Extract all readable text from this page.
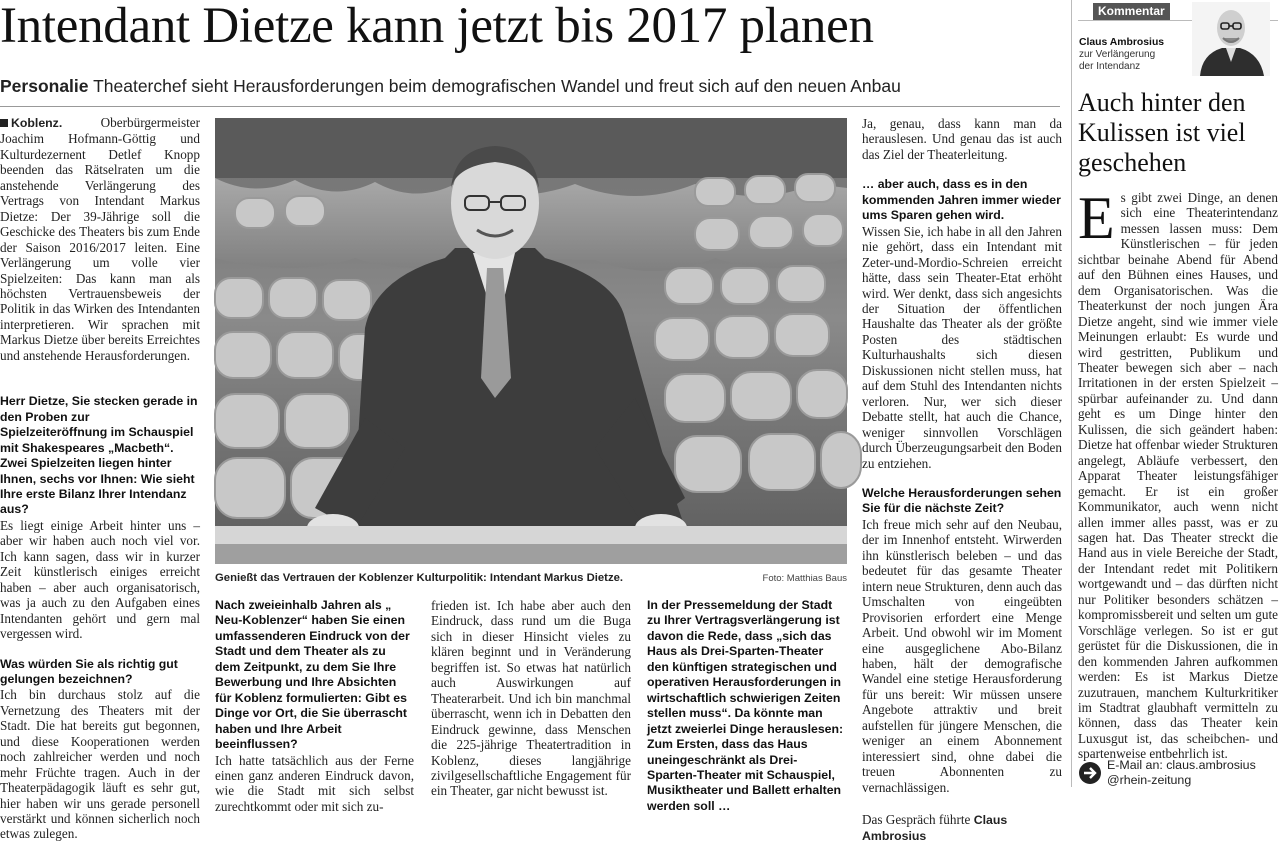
Intendant Dietze kann jetzt bis 2017 planen
Personalie Theaterchef sieht Herausforderungen beim demografischen Wandel und freut sich auf den neuen Anbau

Koblenz.	Oberbürgermeister Joachim Hofmann-Göttig und Kulturdezernent Detlef Knopp beenden das Rätselraten um die anstehende Verlängerung des Vertrags von Intendant Markus Dietze: Der 39-Jährige soll die Geschicke des Theaters bis zum Ende der Saison 2016/2017 leiten. Eine Verlängerung um volle vier Spielzeiten: Das kann man als höchsten Vertrauensbeweis der Politik in das Wirken des Intendanten interpretieren. Wir sprachen mit Markus Dietze über bereits Erreichtes und anstehende Herausforderungen.

Herr Dietze, Sie stecken gerade in den Proben zur Spielzeiteröffnung im Schauspiel mit Shakespeares „Macbeth“. Zwei Spielzeiten liegen hinter Ihnen, sechs vor Ihnen: Wie sieht Ihre erste Bilanz Ihrer Intendanz aus?

Es liegt einige Arbeit hinter uns – aber wir haben auch noch viel vor. Ich kann sagen, dass wir in kurzer Zeit künstlerisch einiges erreicht haben – aber auch organisatorisch, was ja auch zu den Aufgaben eines Intendanten gehört und gern mal vergessen wird.

Was würden Sie als richtig gut gelungen bezeichnen?

Ich bin durchaus stolz auf die Vernetzung des Theaters mit der Stadt. Die hat bereits gut begonnen, und diese Kooperationen werden noch zahlreicher werden und noch mehr Früchte tragen. Auch in der Theaterpädagogik läuft es sehr gut, hier haben wir uns gerade personell verstärkt und können sicherlich noch etwas zulegen.

Genießt das Vertrauen der Koblenzer Kulturpolitik: Intendant Markus Dietze.	Foto: Matthias Baus

Nach zweieinhalb Jahren als „ Neu-Koblenzer“ haben Sie einen umfassenderen Eindruck von der Stadt und dem Theater als zu dem Zeitpunkt, zu dem Sie Ihre Bewerbung und Ihre Absichten für Koblenz formulierten: Gibt es Dinge vor Ort, die Sie überrascht haben und Ihre Arbeit beeinflussen?

Ich hatte tatsächlich aus der Ferne einen ganz anderen Eindruck davon, wie die Stadt mit sich selbst zurechtkommt oder mit sich zu-

frieden ist. Ich habe aber auch den Eindruck, dass rund um die Buga sich in dieser Hinsicht vieles zu klären beginnt und in Veränderung begriffen ist. So etwas hat natürlich auch Auswirkungen auf Theaterarbeit. Und ich bin manchmal überrascht, wenn ich in Debatten den Eindruck gewinne, dass Menschen die 225-jährige Theatertradition in Koblenz, dieses langjährige zivilgesellschaftliche Engagement für ein Theater, gar nicht bewusst ist.

In der Pressemeldung der Stadt zu Ihrer Vertragsverlängerung ist davon die Rede, dass „sich das Haus als Drei-Sparten-Theater den künftigen strategischen und operativen Herausforderungen in wirtschaftlich schwierigen Zeiten stellen muss“. Da könnte man jetzt zweierlei Dinge herauslesen: Zum Ersten, dass das Haus uneingeschränkt als Drei-Sparten-Theater mit Schauspiel, Musiktheater und Ballett erhalten werden soll …

Ja, genau, dass kann man da herauslesen. Und genau das ist auch das Ziel der Theaterleitung.

… aber auch, dass es in den kommenden Jahren immer wieder ums Sparen gehen wird.

Wissen Sie, ich habe in all den Jahren nie gehört, dass ein Intendant mit Zeter-und-Mordio-Schreien erreicht hätte, dass sein Theater-Etat erhöht wird. Wer denkt, dass sich angesichts der Situation der öffentlichen Haushalte das Theater als der größte Posten des städtischen Kulturhaushalts sich diesen Diskussionen nicht stellen muss, hat auf dem Stuhl des Intendanten nichts verloren. Nur, wer sich dieser Debatte stellt, hat auch die Chance, weniger sinnvollen Vorschlägen durch Überzeugungsarbeit den Boden zu entziehen.

Welche Herausforderungen sehen Sie für die nächste Zeit?

Ich freue mich sehr auf den Neubau, der im Innenhof entsteht. Wirwerden ihn künstlerisch beleben – und das bedeutet für das gesamte Theater intern neue Strukturen, denn auch das Umschalten von eingeübten Provisorien erfordert eine Menge Arbeit. Und obwohl wir im Moment eine ausgeglichene Abo-Bilanz haben, hält der demografische Wandel eine stetige Herausforderung für uns bereit: Wir müssen unsere Angebote attraktiv und breit aufstellen für jüngere Menschen, die weniger an einem Abonnement interessiert sind, ohne dabei die treuen Abonnenten zu vernachlässigen.

Das Gespräch führte Claus Ambrosius

Kommentar
Claus Ambrosius
zur Verlängerung
der Intendanz
Auch hinter den Kulissen ist viel geschehen
Es gibt zwei Dinge, an denen sich eine Theaterintendanz messen lassen muss: Dem Künstlerischen – für jeden sichtbar beinahe Abend für Abend auf den Bühnen eines Hauses, und dem Organisatorischen. Was die Theaterkunst der noch jungen Ära Dietze angeht, sind wie immer viele Meinungen erlaubt: Es wurde und wird gestritten, Publikum und Theater bewegen sich aber – nach Irritationen in der ersten Spielzeit – spürbar aufeinander zu. Und dann geht es um Dinge hinter den Kulissen, die sich geändert haben: Dietze hat offenbar wieder Strukturen angelegt, Abläufe verbessert, den Apparat Theater leistungsfähiger gemacht. Er ist ein großer Kommunikator, auch wenn nicht allen immer alles passt, was er zu sagen hat. Das Theater streckt die Hand aus in viele Bereiche der Stadt, der Intendant redet mit Politikern wortgewandt und – das dürften nicht nur Politiker besonders schätzen – kompromissbereit und selten um gute Vorschläge verlegen. So ist er gut gerüstet für die Diskussionen, die in den kommenden Jahren aufkommen werden: Es ist Markus Dietze zuzutrauen, manchem Kulturkritiker im Stadtrat glaubhaft vermitteln zu können, dass das Theater kein Luxusgut ist, das scheibchen- und spartenweise entbehrlich ist.
E-Mail an: claus.ambrosius
@rhein-zeitung
